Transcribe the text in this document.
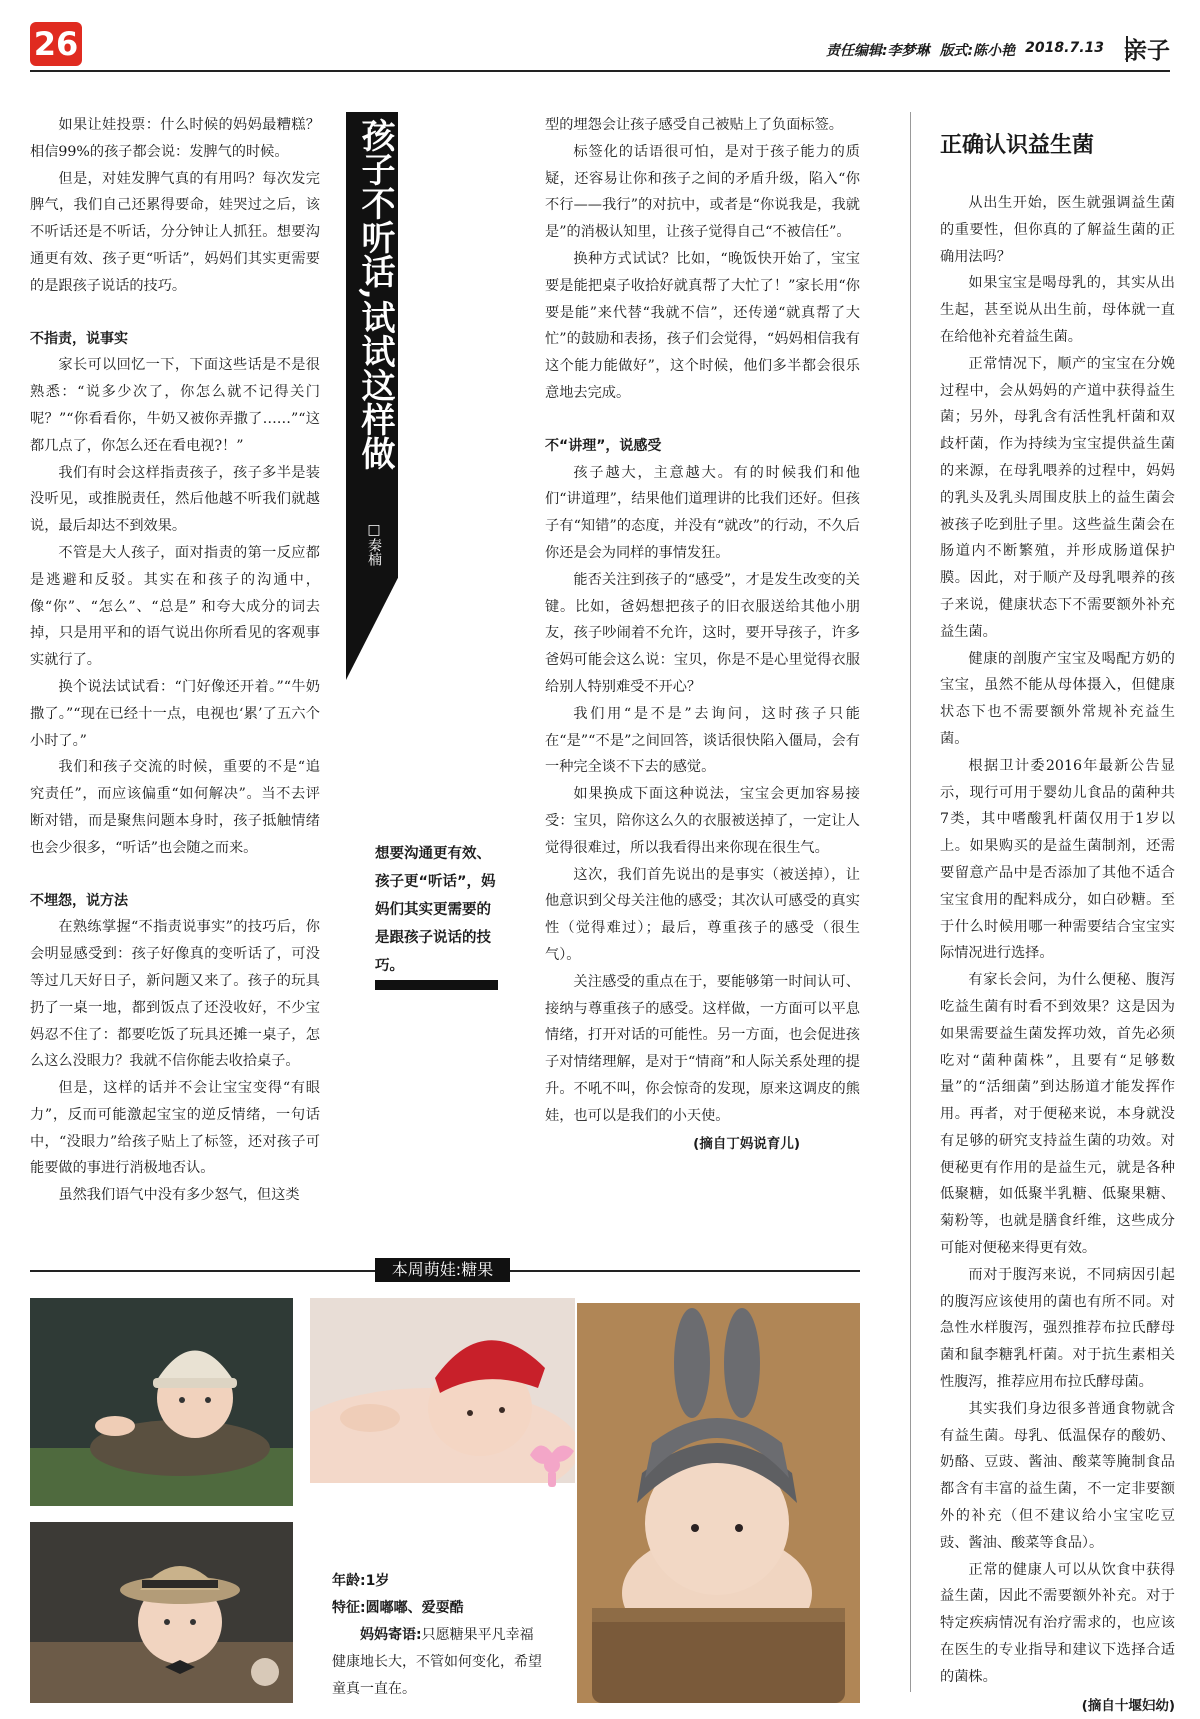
26	责任编辑:李梦琳 版式:陈小艳 2018.7.13 亲子
孩子不听话,试试这样做
□秦楠

如果让娃投票：什么时候的妈妈最糟糕？相信99%的孩子都会说：发脾气的时候。

但是，对娃发脾气真的有用吗？每次发完脾气，我们自己还累得要命，娃哭过之后，该不听话还是不听话，分分钟让人抓狂。想要沟通更有效、孩子更“听话”，妈妈们其实更需要的是跟孩子说话的技巧。

不指责，说事实

家长可以回忆一下，下面这些话是不是很熟悉：“说多少次了，你怎么就不记得关门呢？”“你看看你，牛奶又被你弄撒了……”“这都几点了，你怎么还在看电视?！”

我们有时会这样指责孩子，孩子多半是装没听见，或推脱责任，然后他越不听我们就越说，最后却达不到效果。

不管是大人孩子，面对指责的第一反应都是逃避和反驳。其实在和孩子的沟通中，像“你”、“怎么”、“总是” 和夸大成分的词去掉，只是用平和的语气说出你所看见的客观事实就行了。

换个说法试试看：“门好像还开着。”“牛奶撒了。”“现在已经十一点，电视也‘累’了五六个小时了。”

我们和孩子交流的时候，重要的不是“追究责任”，而应该偏重“如何解决”。当不去评断对错，而是聚焦问题本身时，孩子抵触情绪也会少很多，“听话”也会随之而来。

不埋怨，说方法

在熟练掌握“不指责说事实”的技巧后，你会明显感受到：孩子好像真的变听话了，可没等过几天好日子，新问题又来了。孩子的玩具扔了一桌一地，都到饭点了还没收好，不少宝妈忍不住了：都要吃饭了玩具还摊一桌子，怎么这么没眼力？我就不信你能去收拾桌子。

但是，这样的话并不会让宝宝变得“有眼力”，反而可能激起宝宝的逆反情绪，一句话中，“没眼力”给孩子贴上了标签，还对孩子可能要做的事进行消极地否认。

虽然我们语气中没有多少怒气，但这类

想要沟通更有效、孩子更“听话”，妈妈们其实更需要的是跟孩子说话的技巧。

型的埋怨会让孩子感受自己被贴上了负面标签。

标签化的话语很可怕，是对于孩子能力的质疑，还容易让你和孩子之间的矛盾升级，陷入“你不行——我行”的对抗中，或者是“你说我是，我就是”的消极认知里，让孩子觉得自己“不被信任”。

换种方式试试？比如，“晚饭快开始了，宝宝要是能把桌子收拾好就真帮了大忙了！”家长用“你要是能”来代替“我就不信”，还传递“就真帮了大忙”的鼓励和表扬，孩子们会觉得，“妈妈相信我有这个能力能做好”，这个时候，他们多半都会很乐意地去完成。

不“讲理”，说感受

孩子越大，主意越大。有的时候我们和他们“讲道理”，结果他们道理讲的比我们还好。但孩子有“知错”的态度，并没有“就改”的行动，不久后你还是会为同样的事情发狂。

能否关注到孩子的“感受”，才是发生改变的关键。比如，爸妈想把孩子的旧衣服送给其他小朋友，孩子吵闹着不允许，这时，要开导孩子，许多爸妈可能会这么说：宝贝，你是不是心里觉得衣服给别人特别难受不开心？

我们用“是不是”去询问，这时孩子只能在“是”“不是”之间回答，谈话很快陷入僵局，会有一种完全谈不下去的感觉。

如果换成下面这种说法，宝宝会更加容易接受：宝贝，陪你这么久的衣服被送掉了，一定让人觉得很难过，所以我看得出来你现在很生气。

这次，我们首先说出的是事实（被送掉），让他意识到父母关注他的感受；其次认可感受的真实性（觉得难过）；最后，尊重孩子的感受（很生气）。

关注感受的重点在于，要能够第一时间认可、接纳与尊重孩子的感受。这样做，一方面可以平息情绪，打开对话的可能性。另一方面，也会促进孩子对情绪理解，是对于“情商”和人际关系处理的提升。不吼不叫，你会惊奇的发现，原来这调皮的熊娃，也可以是我们的小天使。

(摘自丁妈说育儿)

正确认识益生菌

从出生开始，医生就强调益生菌的重要性，但你真的了解益生菌的正确用法吗？

如果宝宝是喝母乳的，其实从出生起，甚至说从出生前，母体就一直在给他补充着益生菌。

正常情况下，顺产的宝宝在分娩过程中，会从妈妈的产道中获得益生菌；另外，母乳含有活性乳杆菌和双歧杆菌，作为持续为宝宝提供益生菌的来源，在母乳喂养的过程中，妈妈的乳头及乳头周围皮肤上的益生菌会被孩子吃到肚子里。这些益生菌会在肠道内不断繁殖，并形成肠道保护膜。因此，对于顺产及母乳喂养的孩子来说，健康状态下不需要额外补充益生菌。

健康的剖腹产宝宝及喝配方奶的宝宝，虽然不能从母体摄入，但健康状态下也不需要额外常规补充益生菌。

根据卫计委2016年最新公告显示，现行可用于婴幼儿食品的菌种共7类，其中嗜酸乳杆菌仅用于1岁以上。如果购买的是益生菌制剂，还需要留意产品中是否添加了其他不适合宝宝食用的配料成分，如白砂糖。至于什么时候用哪一种需要结合宝宝实际情况进行选择。

有家长会问，为什么便秘、腹泻吃益生菌有时看不到效果？这是因为如果需要益生菌发挥功效，首先必须吃对“菌种菌株”，且要有“足够数量”的“活细菌”到达肠道才能发挥作用。再者，对于便秘来说，本身就没有足够的研究支持益生菌的功效。对便秘更有作用的是益生元，就是各种低聚糖，如低聚半乳糖、低聚果糖、菊粉等，也就是膳食纤维，这些成分可能对便秘来得更有效。

而对于腹泻来说，不同病因引起的腹泻应该使用的菌也有所不同。对急性水样腹泻，强烈推荐布拉氏酵母菌和鼠李糖乳杆菌。对于抗生素相关性腹泻，推荐应用布拉氏酵母菌。

其实我们身边很多普通食物就含有益生菌。母乳、低温保存的酸奶、奶酪、豆豉、酱油、酸菜等腌制食品都含有丰富的益生菌，不一定非要额外的补充（但不建议给小宝宝吃豆豉、酱油、酸菜等食品）。

正常的健康人可以从饮食中获得益生菌，因此不需要额外补充。对于特定疾病情况有治疗需求的，也应该在医生的专业指导和建议下选择合适的菌株。

(摘自十堰妇幼)

本周萌娃:糖果
年龄:1岁
特征:圆嘟嘟、爱耍酷
妈妈寄语:只愿糖果平凡幸福健康地长大，不管如何变化，希望童真一直在。
